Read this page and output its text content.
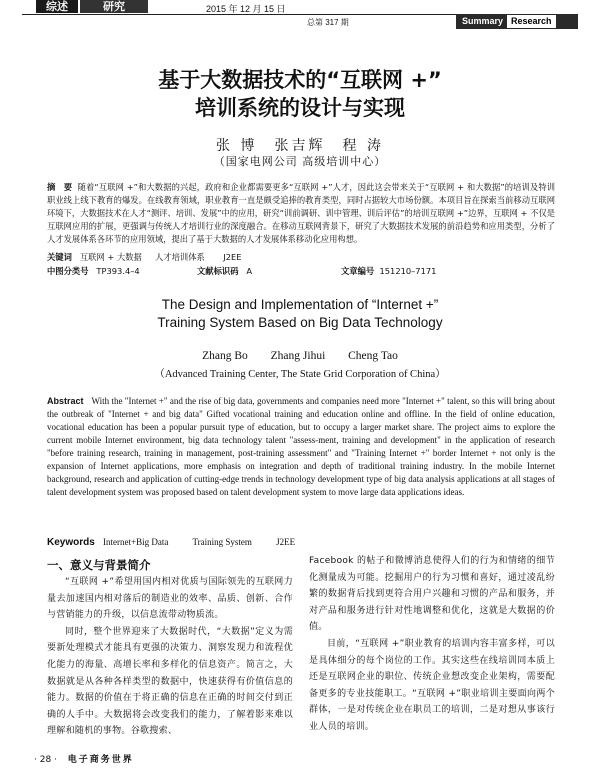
综述	研究	2015 年 12 月 15 日
总第 317 期	Summary Research
基于大数据技术的“互联网 +”
培训系统的设计与实现
张 博　张吉辉　程 涛
（国家电网公司 高级培训中心）
摘　要 随着“互联网 +”和大数据的兴起，政府和企业都需要更多“互联网 +”人才，因此这会带来关于“互联网 + 和大数据”的培训及特训职业线上线下教育的爆发。在线教育领域，职业教育一直是颇受追捧的教育类型，同时占据较大市场份额。本项目旨在探索当前移动互联网环境下，大数据技术在人才“测评、培训、发展”中的应用，研究“训前调研、训中管理、训后评估”的培训互联网 +”边界，互联网 + 不仅是互联网应用的扩展，更强调与传统人才培训行业的深度融合。在移动互联网背景下，研究了大数据技术发展的前沿趋势和应用类型，分析了人才发展体系各环节的应用领域，提出了基于大数据的人才发展体系移动化应用构想。
关键词 互联网 + 大数据 人才培训体系 J2EE
中图分类号 TP393.4–4	文献标识码 A	文章编号 151210–7171
The Design and Implementation of “Internet +”
Training System Based on Big Data Technology
Zhang Bo Zhang Jihui Cheng Tao
（Advanced Training Center, The State Grid Corporation of China）
Abstract With the "Internet +" and the rise of big data, governments and companies need more "Internet +" talent, so this will bring about the outbreak of "Internet + and big data" Gifted vocational training and education online and offline. In the field of online education, vocational education has been a popular pursuit type of education, but to occupy a larger market share. The project aims to explore the current mobile Internet environment, big data technology talent "assess-ment, training and development" in the application of research "before training research, training in management, post-training assessment" and "Training Internet +" border Internet + not only is the expansion of Internet applications, more emphasis on integration and depth of traditional training industry. In the mobile Internet background, research and application of cutting-edge trends in technology development type of big data analysis applications at all stages of talent development system was proposed based on talent development system to move large data applications ideas.
Keywords Internet+Big Data	Training System	J2EE
一、意义与背景简介

“互联网 +”希望用国内相对优质与国际领先的互联网力量去加速国内相对落后的制造业的效率、品质、创新、合作与营销能力的升级，以信息流带动物质流。

同时，整个世界迎来了大数据时代，“大数据”定义为需要新处理模式才能具有更强的决策力、洞察发现力和流程优化能力的海量、高增长率和多样化的信息资产。简言之，大数据就是从各种各样类型的数据中，快速获得有价值信息的能力。数据的价值在于将正确的信息在正确的时间交付到正确的人手中。大数据将会改变我们的能力，了解着影来难以理解和随机的事物。谷歌搜索、

Facebook 的帖子和微博消息使得人们的行为和情绪的细节化测量成为可能。挖掘用户的行为习惯和喜好，通过凌乱纷繁的数据背后找到更符合用户兴趣和习惯的产品和服务，并对产品和服务进行针对性地调整和优化，这就是大数据的价值。

目前，“互联网 +”职业教育的培训内容丰富多样，可以是具体细分的每个岗位的工作。其实这些在线培训同本质上还是互联网企业的职位、传统企业想改变企业架构，需要配备更多的专业技能职工。“互联网 +”职业培训主要面向两个群体，一是对传统企业在职员工的培训，二是对想从事该行业人员的培训。

· 28 · 电子商务世界
